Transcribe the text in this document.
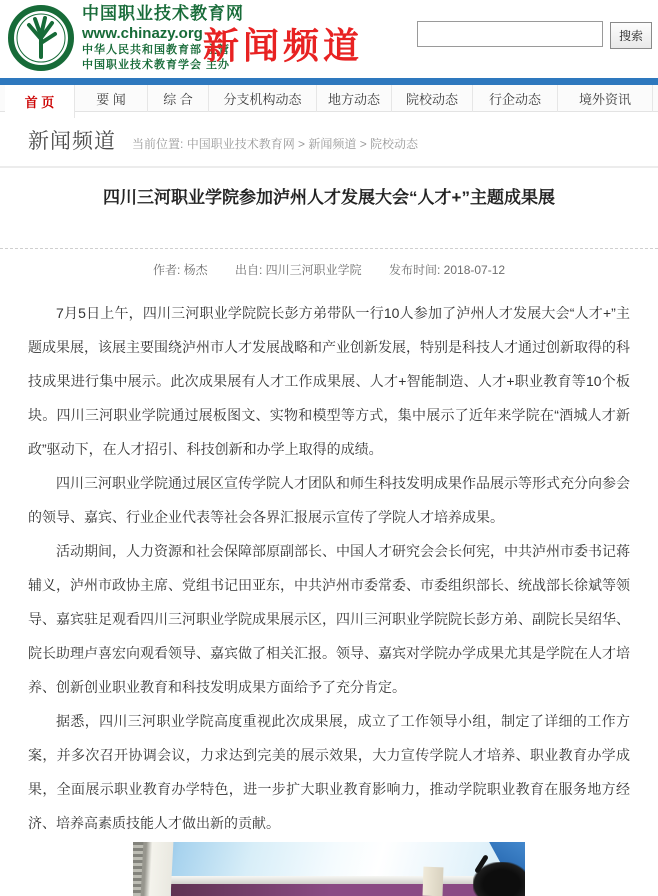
中国职业技术教育网
www.chinazy.org
中华人民共和国教育部 主管
中国职业技术教育学会 主办
新闻频道	搜索
首 页	要 闻	综 合	分支机构动态	地方动态	院校动态	行企动态	境外资讯
新闻频道 当前位置: 中国职业技术教育网 > 新闻频道 > 院校动态
四川三河职业学院参加泸州人才发展大会“人才+”主题成果展
作者: 杨杰 出自: 四川三河职业学院 发布时间: 2018-07-12

7月5日上午，四川三河职业学院院长彭方弟带队一行10人参加了泸州人才发展大会“人才+”主题成果展，该展主要围绕泸州市人才发展战略和产业创新发展，特别是科技人才通过创新取得的科技成果进行集中展示。此次成果展有人才工作成果展、人才+智能制造、人才+职业教育等10个板块。四川三河职业学院通过展板图文、实物和模型等方式，集中展示了近年来学院在“酒城人才新政”驱动下，在人才招引、科技创新和办学上取得的成绩。

四川三河职业学院通过展区宣传学院人才团队和师生科技发明成果作品展示等形式充分向参会的领导、嘉宾、行业企业代表等社会各界汇报展示宣传了学院人才培养成果。

活动期间，人力资源和社会保障部原副部长、中国人才研究会会长何宪，中共泸州市委书记蒋辅义，泸州市政协主席、党组书记田亚东，中共泸州市委常委、市委组织部长、统战部长徐斌等领导、嘉宾驻足观看四川三河职业学院成果展示区，四川三河职业学院院长彭方弟、副院长吴绍华、院长助理卢喜宏向观看领导、嘉宾做了相关汇报。领导、嘉宾对学院办学成果尤其是学院在人才培养、创新创业职业教育和科技发明成果方面给予了充分肯定。

据悉，四川三河职业学院高度重视此次成果展，成立了工作领导小组，制定了详细的工作方案，并多次召开协调会议，力求达到完美的展示效果，大力宣传学院人才培养、职业教育办学成果，全面展示职业教育办学特色，进一步扩大职业教育影响力，推动学院职业教育在服务地方经济、培养高素质技能人才做出新的贡献。
